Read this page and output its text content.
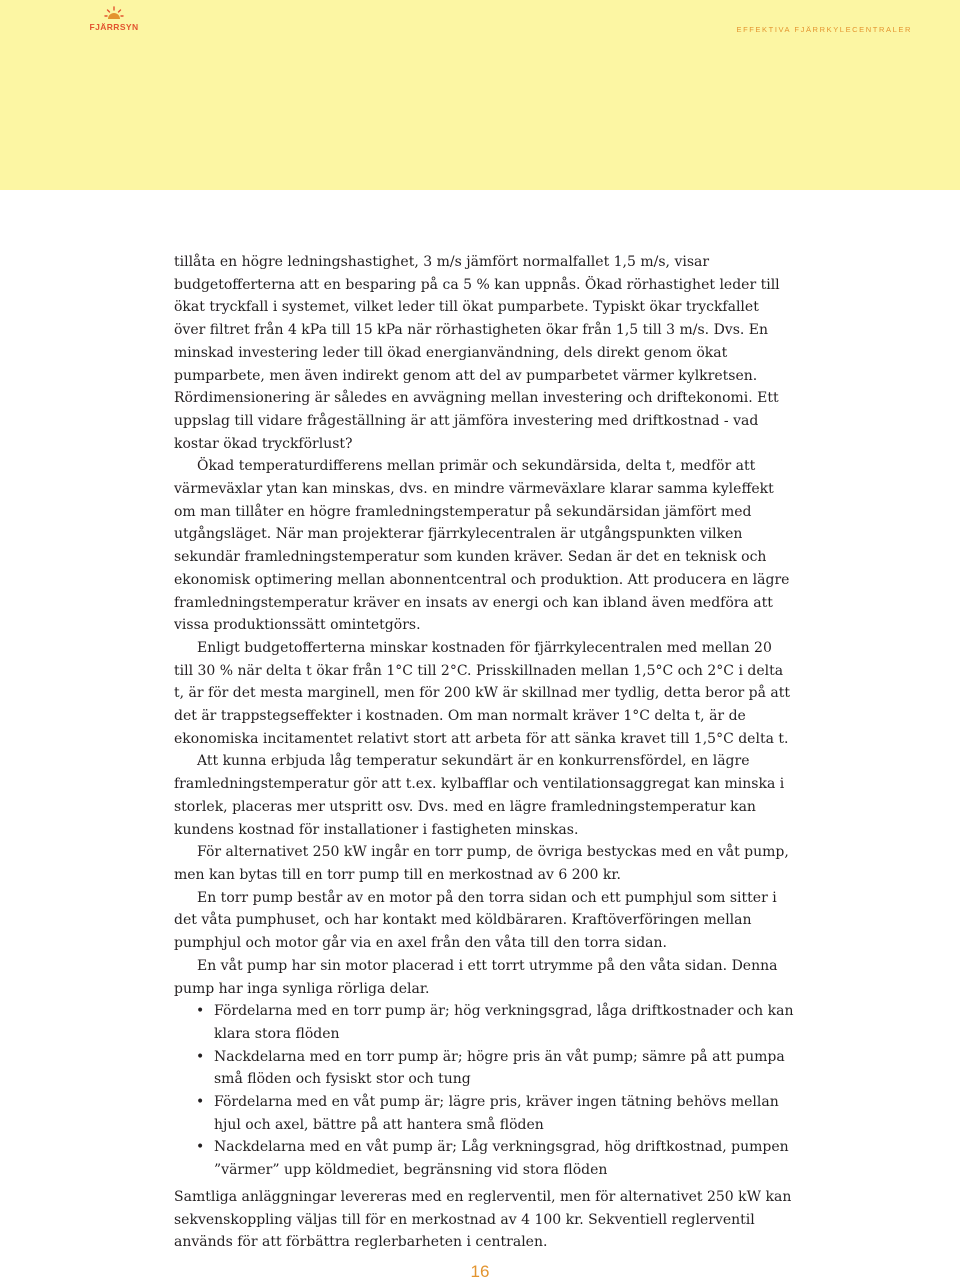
FJÄRRSYN	EFFEKTIVA FJÄRRKYLECENTRALER

tillåta en högre ledningshastighet, 3 m/s jämfört normalfallet 1,5 m/s, visar budgetofferterna att en besparing på ca 5 % kan uppnås. Ökad rörhastighet leder till ökat tryckfall i systemet, vilket leder till ökat pumparbete. Typiskt ökar tryckfallet över filtret från 4 kPa till 15 kPa när rörhastigheten ökar från 1,5 till 3 m/s. Dvs. En minskad investering leder till ökad energianvändning, dels direkt genom ökat pumparbete, men även indirekt genom att del av pumparbetet värmer kylkretsen. Rördimensionering är således en avvägning mellan investering och driftekonomi. Ett uppslag till vidare frågeställning är att jämföra investering med driftkostnad - vad kostar ökad tryckförlust?

Ökad temperaturdifferens mellan primär och sekundärsida, delta t, medför att värmeväxlar ytan kan minskas, dvs. en mindre värmeväxlare klarar samma kyleffekt om man tillåter en högre framledningstemperatur på sekundärsidan jämfört med utgångsläget. När man projekterar fjärrkylecentralen är utgångspunkten vilken sekundär framledningstemperatur som kunden kräver. Sedan är det en teknisk och ekonomisk optimering mellan abonnentcentral och produktion. Att producera en lägre framledningstemperatur kräver en insats av energi och kan ibland även medföra att vissa produktionssätt omintetgörs.

Enligt budgetofferterna minskar kostnaden för fjärrkylecentralen med mellan 20 till 30 % när delta t ökar från 1°C till 2°C. Prisskillnaden mellan 1,5°C och 2°C i delta t, är för det mesta marginell, men för 200 kW är skillnad mer tydlig, detta beror på att det är trappstegseffekter i kostnaden. Om man normalt kräver 1°C delta t, är de ekonomiska incitamentet relativt stort att arbeta för att sänka kravet till 1,5°C delta t.

Att kunna erbjuda låg temperatur sekundärt är en konkurrensfördel, en lägre framledningstemperatur gör att t.ex. kylbafflar och ventilationsaggregat kan minska i storlek, placeras mer utspritt osv. Dvs. med en lägre framledningstemperatur kan kundens kostnad för installationer i fastigheten minskas.

För alternativet 250 kW ingår en torr pump, de övriga bestyckas med en våt pump, men kan bytas till en torr pump till en merkostnad av 6 200 kr.

En torr pump består av en motor på den torra sidan och ett pumphjul som sitter i det våta pumphuset, och har kontakt med köldbäraren. Kraftöverföringen mellan pumphjul och motor går via en axel från den våta till den torra sidan.

En våt pump har sin motor placerad i ett torrt utrymme på den våta sidan. Denna pump har inga synliga rörliga delar.

• Fördelarna med en torr pump är; hög verkningsgrad, låga driftkostnader och kan klara stora flöden
• Nackdelarna med en torr pump är; högre pris än våt pump; sämre på att pumpa små flöden och fysiskt stor och tung
• Fördelarna med en våt pump är; lägre pris, kräver ingen tätning behövs mellan hjul och axel, bättre på att hantera små flöden
• Nackdelarna med en våt pump är; Låg verkningsgrad, hög driftkostnad, pumpen ”värmer” upp köldmediet, begränsning vid stora flöden

Samtliga anläggningar levereras med en reglerventil, men för alternativet 250 kW kan sekvenskoppling väljas till för en merkostnad av 4 100 kr. Sekventiell reglerventil används för att förbättra reglerbarheten i centralen.

16
